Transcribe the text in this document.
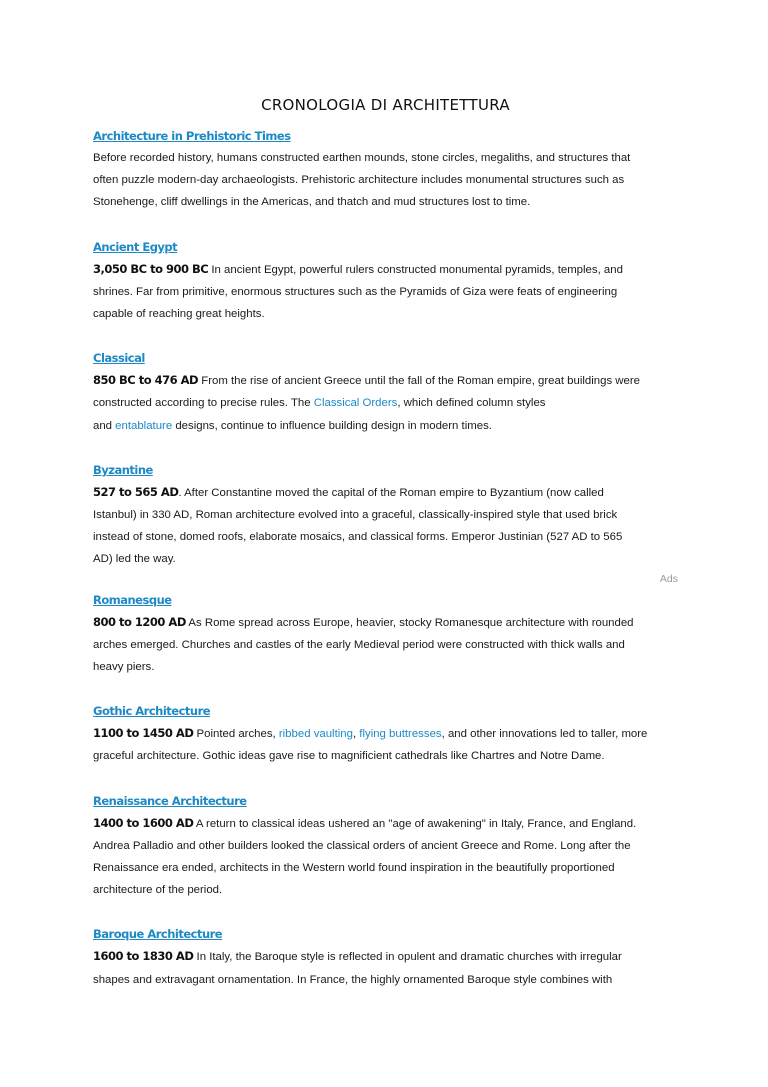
CRONOLOGIA DI ARCHITETTURA
Architecture in Prehistoric Times

Before recorded history, humans constructed earthen mounds, stone circles, megaliths, and structures that
often puzzle modern-day archaeologists. Prehistoric architecture includes monumental structures such as
Stonehenge, cliff dwellings in the Americas, and thatch and mud structures lost to time.

Ancient Egypt

3,050 BC to 900 BC In ancient Egypt, powerful rulers constructed monumental pyramids, temples, and
shrines. Far from primitive, enormous structures such as the Pyramids of Giza were feats of engineering
capable of reaching great heights.

Classical

850 BC to 476 AD From the rise of ancient Greece until the fall of the Roman empire, great buildings were
constructed according to precise rules. The Classical Orders, which defined column styles
and entablature designs, continue to influence building design in modern times.

Byzantine

527 to 565 AD. After Constantine moved the capital of the Roman empire to Byzantium (now called
Istanbul) in 330 AD, Roman architecture evolved into a graceful, classically-inspired style that used brick
instead of stone, domed roofs, elaborate mosaics, and classical forms. Emperor Justinian (527 AD to 565
AD) led the way.

Ads
Romanesque

800 to 1200 AD As Rome spread across Europe, heavier, stocky Romanesque architecture with rounded
arches emerged. Churches and castles of the early Medieval period were constructed with thick walls and
heavy piers.

Gothic Architecture

1100 to 1450 AD Pointed arches, ribbed vaulting, flying buttresses, and other innovations led to taller, more
graceful architecture. Gothic ideas gave rise to magnificient cathedrals like Chartres and Notre Dame.

Renaissance Architecture

1400 to 1600 AD A return to classical ideas ushered an "age of awakening" in Italy, France, and England.
Andrea Palladio and other builders looked the classical orders of ancient Greece and Rome. Long after the
Renaissance era ended, architects in the Western world found inspiration in the beautifully proportioned
architecture of the period.

Baroque Architecture

1600 to 1830 AD In Italy, the Baroque style is reflected in opulent and dramatic churches with irregular
shapes and extravagant ornamentation. In France, the highly ornamented Baroque style combines with
